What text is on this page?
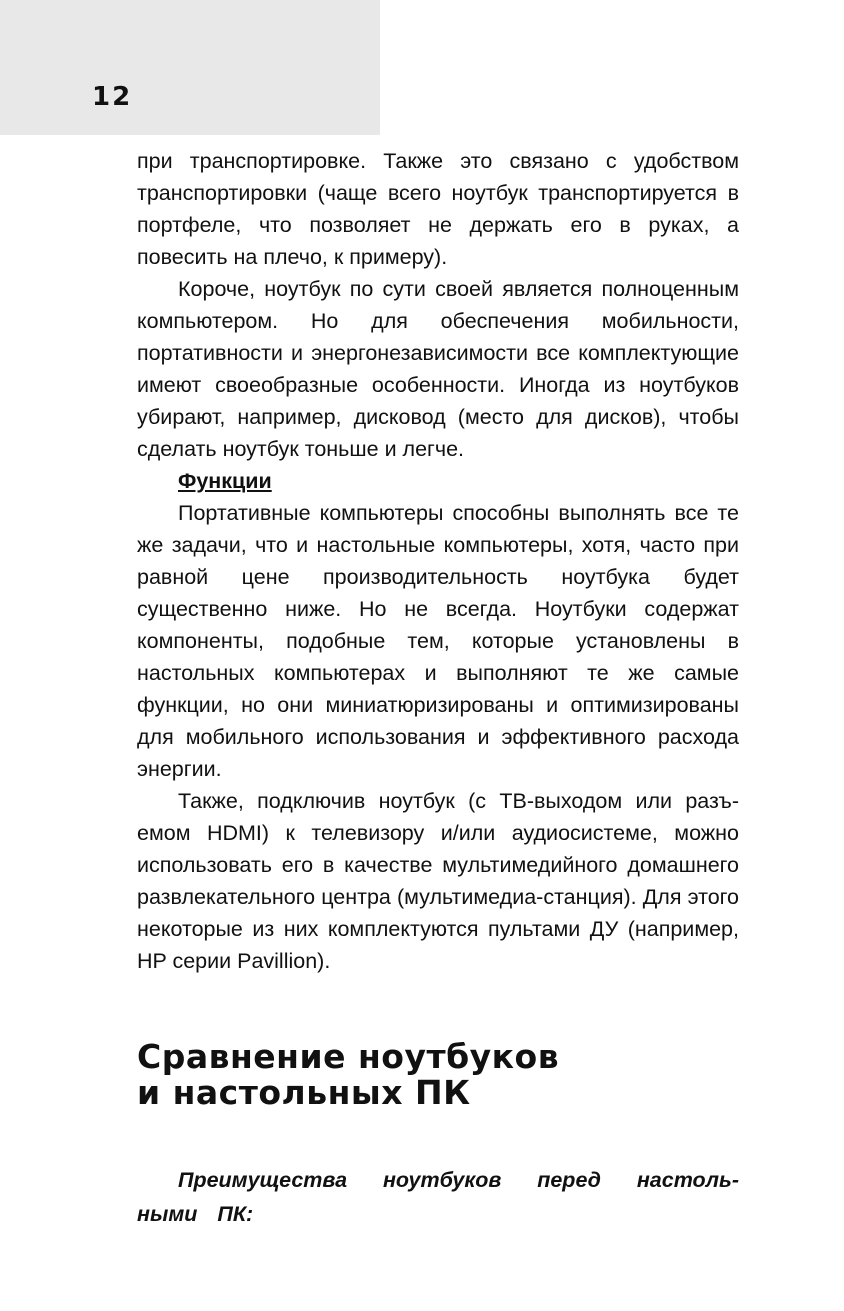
12

при транспортировке. Также это связано с удобством транспортировки (чаще всего ноутбук транспортируется в портфеле, что позволяет не держать его в руках, а повесить на плечо, к примеру).

Короче, ноутбук по сути своей является полноценным компьютером. Но для обеспечения мобильности, портативности и энергонезависимости все комплектующие имеют своеобразные особенности. Иногда из ноутбуков убирают, например, дисковод (место для дисков), чтобы сделать ноутбук тоньше и легче.

Функции

Портативные компьютеры способны выполнять все те же задачи, что и настольные компьютеры, хотя, часто при равной цене производительность ноутбука будет существенно ниже. Но не всегда. Ноутбуки содержат компоненты, подобные тем, которые установлены в настольных компьютерах и выполняют те же самые функции, но они миниатюризированы и оптимизированы для мобильного использования и эффективного расхода энергии.

Также, подключив ноутбук (с ТВ-выходом или разъемом HDMI) к телевизору и/или аудиосистеме, можно использовать его в качестве мультимедийного домашнего развлекательного центра (мультимедиа-станция). Для этого некоторые из них комплектуются пультами ДУ (например, HP серии Pavillion).

Сравнение ноутбуков
и настольных ПК

Преимущества ноутбуков перед настольными ПК:
